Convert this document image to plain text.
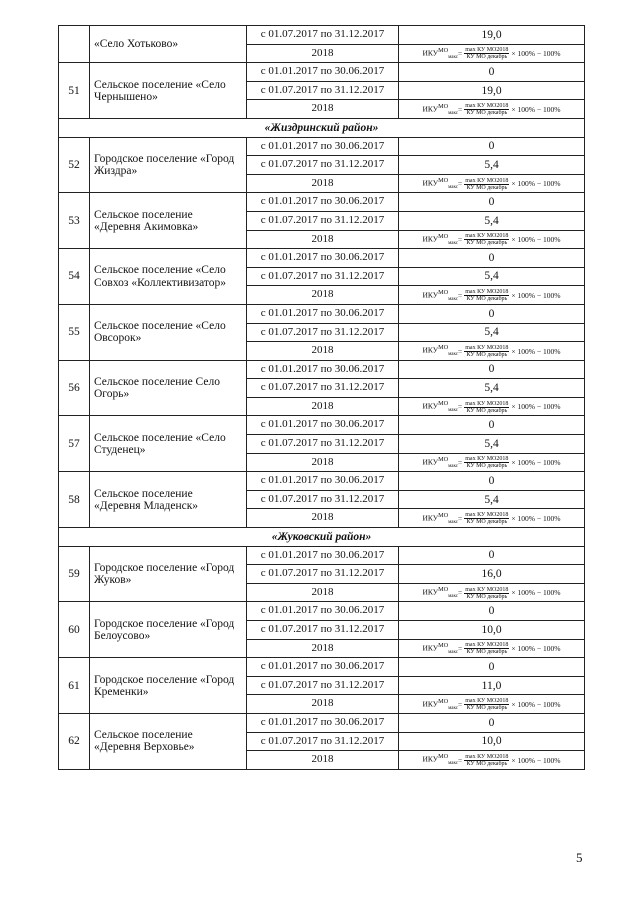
	«Село Хотьково»	с 01.07.2017 по 31.12.2017	19,0
		2018	$ИКУ^{МО}_{макс} = \frac{\text{max КУ МО2018}}{\text{КУ МО декабрь}} \times 100\% - 100\%$

51	Сельское поселение «Село Чернышено»	с 01.01.2017 по 30.06.2017	0
		с 01.07.2017 по 31.12.2017	19,0
		2018	$ИКУ^{МО}_{макс} = \frac{\text{max КУ МО2018}}{\text{КУ МО декабрь}} \times 100\% - 100\%$

«Жиздринский район»			
52	Городское поселение «Город Жиздра»	с 01.01.2017 по 30.06.2017	0
		с 01.07.2017 по 31.12.2017	5,4
		2018	$ИКУ^{МО}_{макс} = \frac{\text{max КУ МО2018}}{\text{КУ МО декабрь}} \times 100\% - 100\%$

53	Сельское поселение «Деревня Акимовка»	с 01.01.2017 по 30.06.2017	0
		с 01.07.2017 по 31.12.2017	5,4
		2018	$ИКУ^{МО}_{макс} = \frac{\text{max КУ МО2018}}{\text{КУ МО декабрь}} \times 100\% - 100\%$

54	Сельское поселение «Село Совхоз «Коллективизатор»	с 01.01.2017 по 30.06.2017	0
		с 01.07.2017 по 31.12.2017	5,4
		2018	$ИКУ^{МО}_{макс} = \frac{\text{max КУ МО2018}}{\text{КУ МО декабрь}} \times 100\% - 100\%$

55	Сельское поселение «Село Овсорок»	с 01.01.2017 по 30.06.2017	0
		с 01.07.2017 по 31.12.2017	5,4
		2018	$ИКУ^{МО}_{макс} = \frac{\text{max КУ МО2018}}{\text{КУ МО декабрь}} \times 100\% - 100\%$

56	Сельское поселение Село Огорь»	с 01.01.2017 по 30.06.2017	0
		с 01.07.2017 по 31.12.2017	5,4
		2018	$ИКУ^{МО}_{макс} = \frac{\text{max КУ МО2018}}{\text{КУ МО декабрь}} \times 100\% - 100\%$

57	Сельское поселение «Село Студенец»	с 01.01.2017 по 30.06.2017	0
		с 01.07.2017 по 31.12.2017	5,4
		2018	$ИКУ^{МО}_{макс} = \frac{\text{max КУ МО2018}}{\text{КУ МО декабрь}} \times 100\% - 100\%$

58	Сельское поселение «Деревня Младенск»	с 01.01.2017 по 30.06.2017	0
		с 01.07.2017 по 31.12.2017	5,4
		2018	$ИКУ^{МО}_{макс} = \frac{\text{max КУ МО2018}}{\text{КУ МО декабрь}} \times 100\% - 100\%$

«Жуковский район»			
59	Городское поселение «Город Жуков»	с 01.01.2017 по 30.06.2017	0
		с 01.07.2017 по 31.12.2017	16,0
		2018	$ИКУ^{МО}_{макс} = \frac{\text{max КУ МО2018}}{\text{КУ МО декабрь}} \times 100\% - 100\%$

60	Городское поселение «Город Белоусово»	с 01.01.2017 по 30.06.2017	0
		с 01.07.2017 по 31.12.2017	10,0
		2018	$ИКУ^{МО}_{макс} = \frac{\text{max КУ МО2018}}{\text{КУ МО декабрь}} \times 100\% - 100\%$

61	Городское поселение «Город Кременки»	с 01.01.2017 по 30.06.2017	0
		с 01.07.2017 по 31.12.2017	11,0
		2018	$ИКУ^{МО}_{макс} = \frac{\text{max КУ МО2018}}{\text{КУ МО декабрь}} \times 100\% - 100\%$

62	Сельское поселение «Деревня Верховье»	с 01.01.2017 по 30.06.2017	0
		с 01.07.2017 по 31.12.2017	10,0
		2018	$ИКУ^{МО}_{макс} = \frac{\text{max КУ МО2018}}{\text{КУ МО декабрь}} \times 100\% - 100\%$
5
